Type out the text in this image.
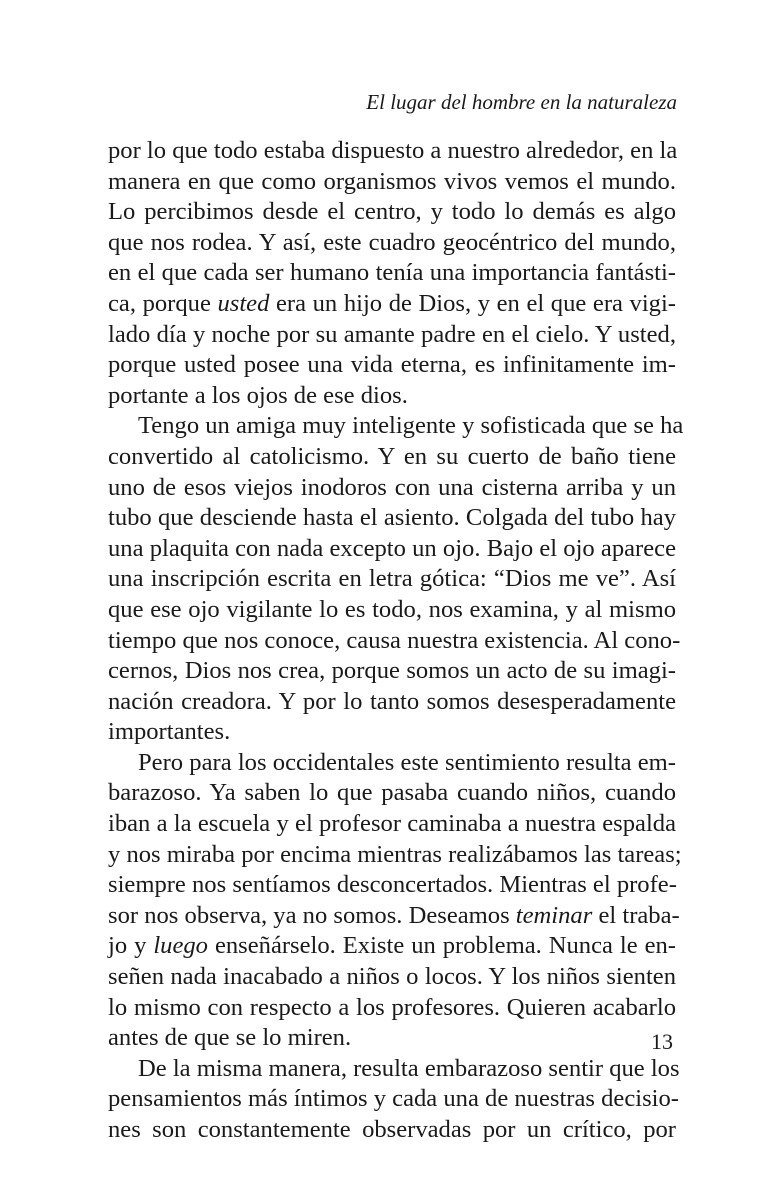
El lugar del hombre en la naturaleza
por lo que todo estaba dispuesto a nuestro alrededor, en la
manera en que como organismos vivos vemos el mundo.
Lo percibimos desde el centro, y todo lo demás es algo
que nos rodea. Y así, este cuadro geocéntrico del mundo,
en el que cada ser humano tenía una importancia fantásti-
ca, porque usted era un hijo de Dios, y en el que era vigi-
lado día y noche por su amante padre en el cielo. Y usted,
porque usted posee una vida eterna, es infinitamente im-
portante a los ojos de ese dios.
Tengo un amiga muy inteligente y sofisticada que se ha
convertido al catolicismo. Y en su cuerto de baño tiene
uno de esos viejos inodoros con una cisterna arriba y un
tubo que desciende hasta el asiento. Colgada del tubo hay
una plaquita con nada excepto un ojo. Bajo el ojo aparece
una inscripción escrita en letra gótica: “Dios me ve”. Así
que ese ojo vigilante lo es todo, nos examina, y al mismo
tiempo que nos conoce, causa nuestra existencia. Al cono-
cernos, Dios nos crea, porque somos un acto de su imagi-
nación creadora. Y por lo tanto somos desesperadamente
importantes.
Pero para los occidentales este sentimiento resulta em-
barazoso. Ya saben lo que pasaba cuando niños, cuando
iban a la escuela y el profesor caminaba a nuestra espalda
y nos miraba por encima mientras realizábamos las tareas;
siempre nos sentíamos desconcertados. Mientras el profe-
sor nos observa, ya no somos. Deseamos teminar el traba-
jo y luego enseñárselo. Existe un problema. Nunca le en-
señen nada inacabado a niños o locos. Y los niños sienten
lo mismo con respecto a los profesores. Quieren acabarlo
antes de que se lo miren.
De la misma manera, resulta embarazoso sentir que los
pensamientos más íntimos y cada una de nuestras decisio-
nes son constantemente observadas por un crítico, por
13
